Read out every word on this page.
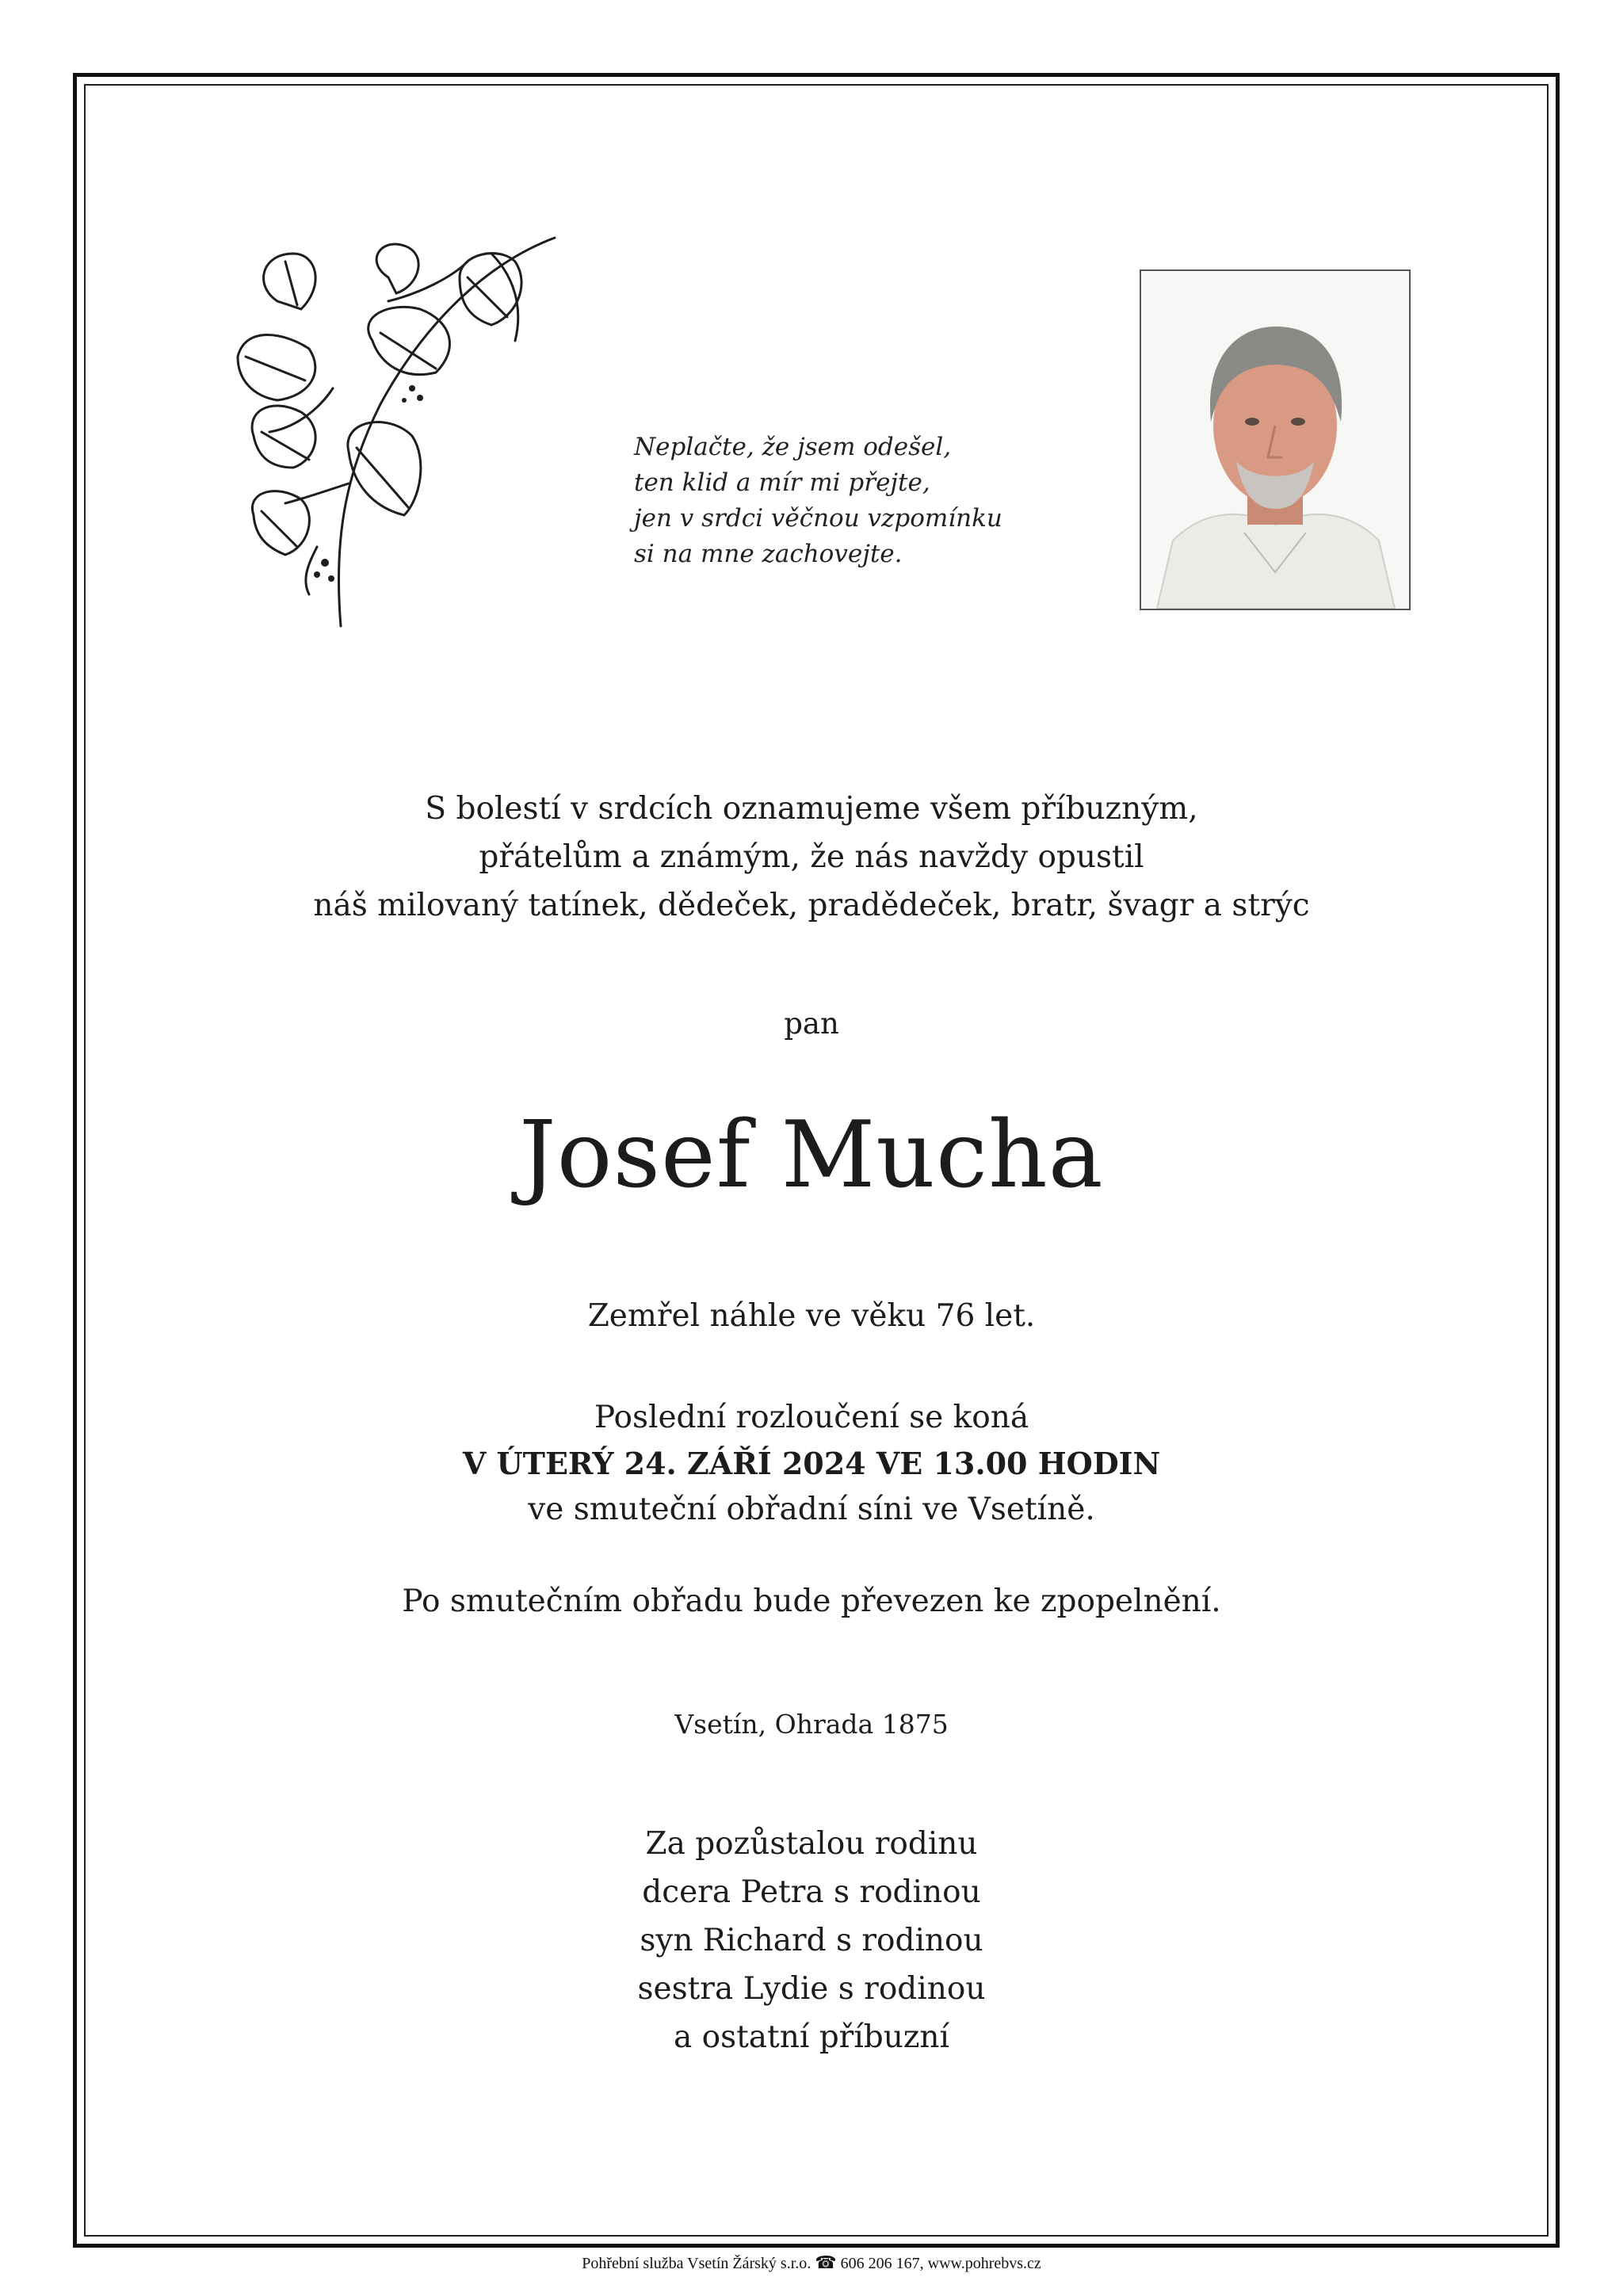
Neplačte, že jsem odešel,
ten klid a mír mi přejte,
jen v srdci věčnou vzpomínku
si na mne zachovejte.
S bolestí v srdcích oznamujeme všem příbuzným,
přátelům a známým, že nás navždy opustil
náš milovaný tatínek, dědeček, pradědeček, bratr, švagr a strýc
pan
Josef Mucha
Zemřel náhle ve věku 76 let.
Poslední rozloučení se koná
V ÚTERÝ 24. ZÁŘÍ 2024 VE 13.00 HODIN
ve smuteční obřadní síni ve Vsetíně.
Po smutečním obřadu bude převezen ke zpopelnění.
Vsetín, Ohrada 1875
Za pozůstalou rodinu
dcera Petra s rodinou
syn Richard s rodinou
sestra Lydie s rodinou
a ostatní příbuzní
Pohřební služba Vsetín Žárský s.r.o. ☎ 606 206 167, www.pohrebvs.cz
